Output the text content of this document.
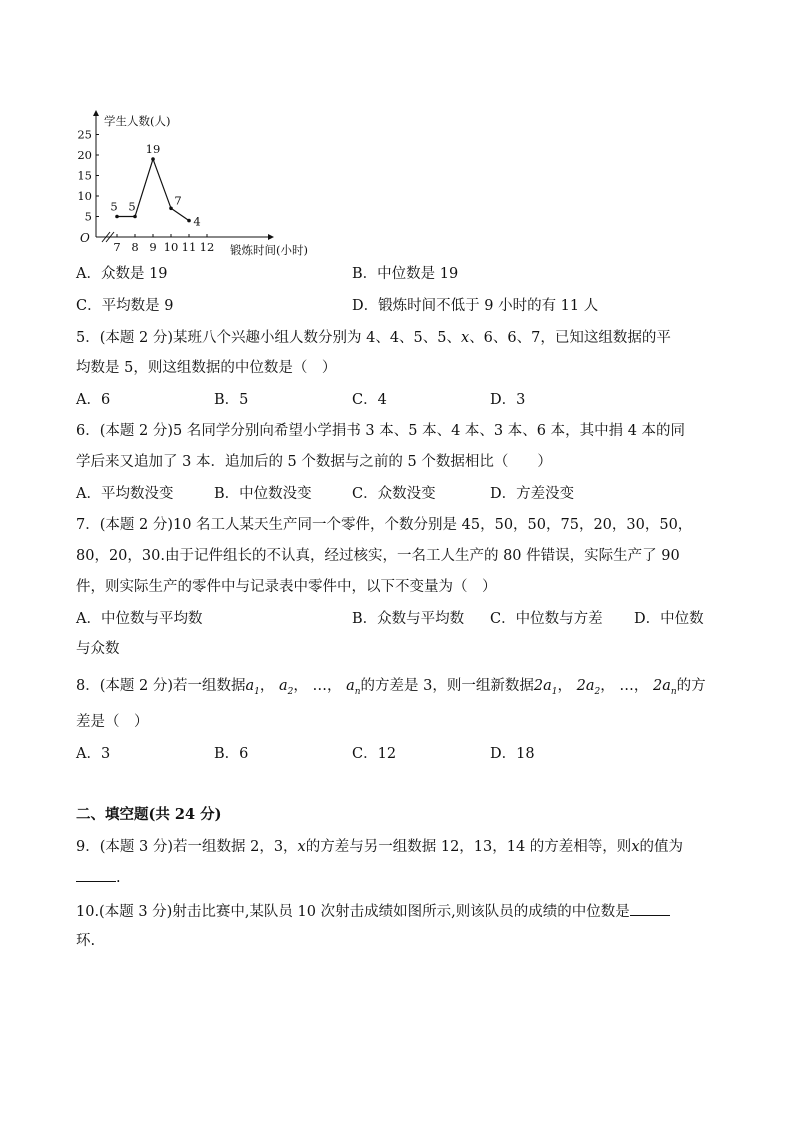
学生人数(人)
锻炼时间(小时)
O
5
10
15
20
25
7 8 9 10 11 12
5 5
19
7
4
A．众数是 19	B．中位数是 19
C．平均数是 9	D．锻炼时间不低于 9 小时的有 11 人
5．(本题 2 分)某班八个兴趣小组人数分别为 4、4、5、5、x、6、6、7，已知这组数据的平
均数是 5，则这组数据的中位数是（　）
A．6	B．5	C．4	D．3
6．(本题 2 分)5 名同学分别向希望小学捐书 3 本、5 本、4 本、3 本、6 本，其中捐 4 本的同
学后来又追加了 3 本．追加后的 5 个数据与之前的 5 个数据相比（　　）
A．平均数没变	B．中位数没变	C．众数没变	D．方差没变
7．(本题 2 分)10 名工人某天生产同一个零件，个数分别是 45，50，50，75，20，30，50，
80，20，30.由于记件组长的不认真，经过核实，一名工人生产的 80 件错误，实际生产了 90
件，则实际生产的零件中与记录表中零件中，以下不变量为（　）
A．中位数与平均数	B．众数与平均数 C．中位数与方差 D．中位数
与众数
8．(本题 2 分)若一组数据$a_1$， $a_2$， …， $a_n$的方差是 3，则一组新数据$2a_1$， $2a_2$， …， $2a_n$的方
差是（　）
A．3	B．6	C．12	D．18
二、填空题(共 24 分)
9．(本题 3 分)若一组数据 2，3，x的方差与另一组数据 12，13，14 的方差相等，则x的值为
.
10.(本题 3 分)射击比赛中,某队员 10 次射击成绩如图所示,则该队员的成绩的中位数是
环.
